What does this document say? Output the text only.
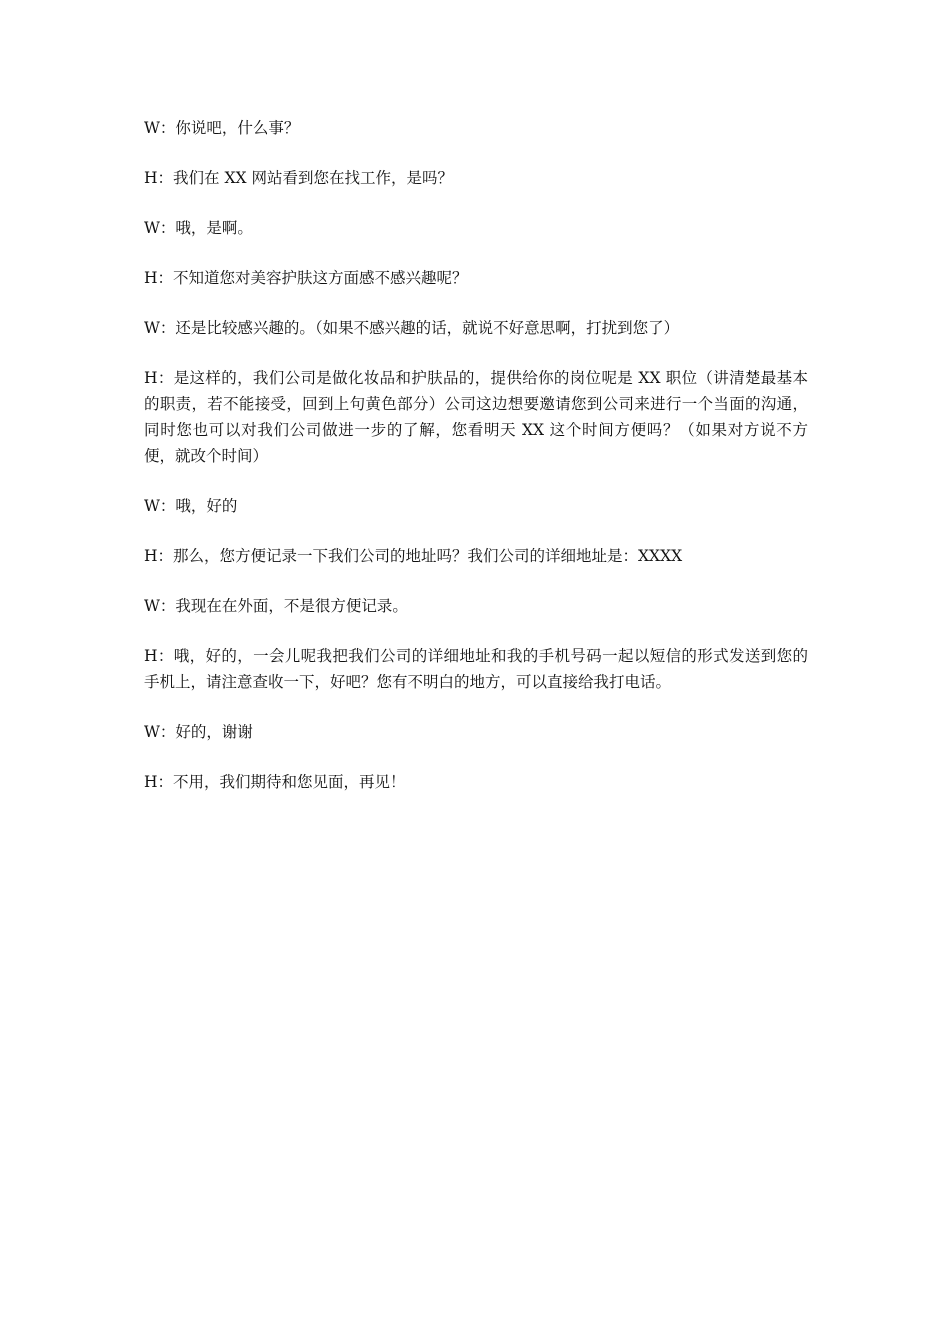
W：你说吧，什么事？

H：我们在 XX 网站看到您在找工作，是吗？

W：哦，是啊。

H：不知道您对美容护肤这方面感不感兴趣呢？

W：还是比较感兴趣的。（如果不感兴趣的话，就说不好意思啊，打扰到您了）

H：是这样的，我们公司是做化妆品和护肤品的，提供给你的岗位呢是 XX 职位（讲清楚最基本的职责，若不能接受，回到上句黄色部分）公司这边想要邀请您到公司来进行一个当面的沟通，同时您也可以对我们公司做进一步的了解，您看明天 XX 这个时间方便吗？（如果对方说不方便，就改个时间）

W：哦，好的

H：那么，您方便记录一下我们公司的地址吗？我们公司的详细地址是：XXXX

W：我现在在外面，不是很方便记录。

H：哦，好的，一会儿呢我把我们公司的详细地址和我的手机号码一起以短信的形式发送到您的手机上，请注意查收一下，好吧？您有不明白的地方，可以直接给我打电话。

W：好的，谢谢

H：不用，我们期待和您见面，再见！
